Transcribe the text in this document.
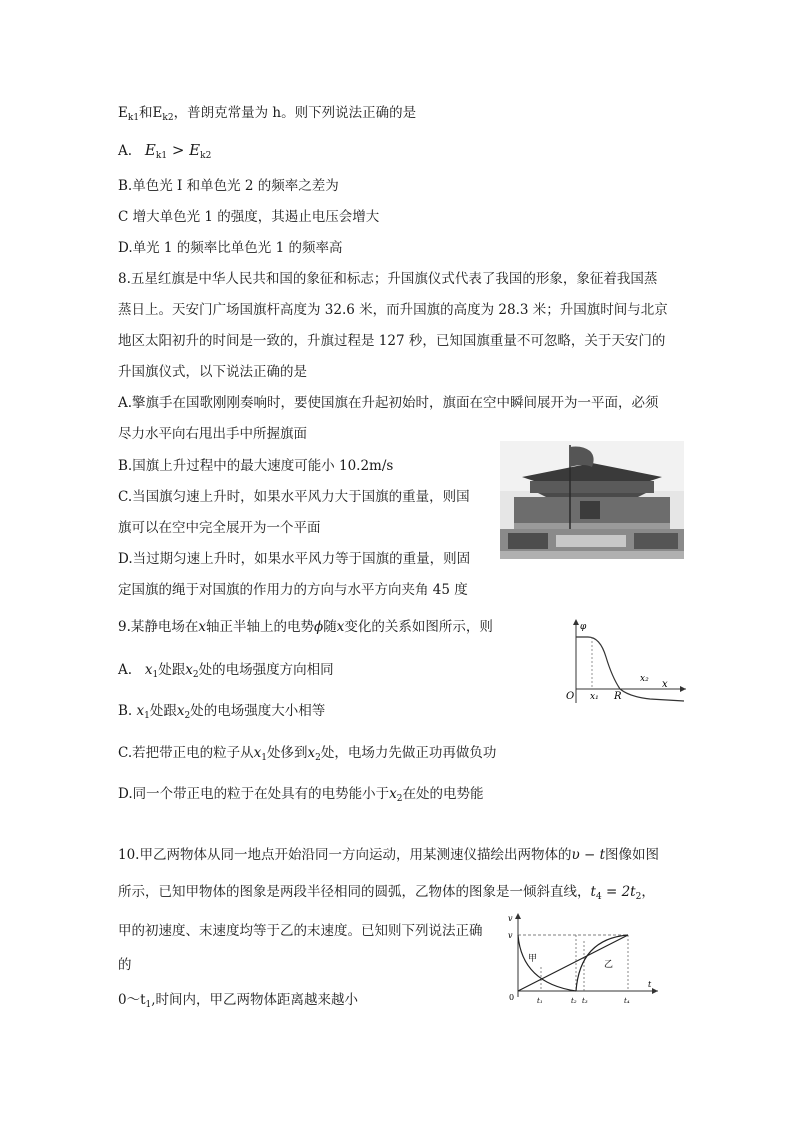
$E_{k1}$和$E_{k2}$，普朗克常量为 h。则下列说法正确的是
A. $E_{k1} > E_{k2}$
B.单色光 I 和单色光 2 的频率之差为
C 增大单色光 1 的强度，其遏止电压会增大
D.单光 1 的频率比单色光 1 的频率高
8.五星红旗是中华人民共和国的象征和标志；升国旗仪式代表了我国的形象，象征着我国蒸
蒸日上。天安门广场国旗杆高度为 32.6 米，而升国旗的高度为 28.3 米；升国旗时间与北京
地区太阳初升的时间是一致的，升旗过程是 127 秒，已知国旗重量不可忽略，关于天安门的
升国旗仪式，以下说法正确的是
A.擎旗手在国歌刚刚奏响时，要使国旗在升起初始时，旗面在空中瞬间展开为一平面，必须
尽力水平向右甩出手中所握旗面
B.国旗上升过程中的最大速度可能小 10.2m/s
C.当国旗匀速上升时，如果水平风力大于国旗的重量，则国
旗可以在空中完全展开为一个平面
D.当过期匀速上升时，如果水平风力等于国旗的重量，则固
定国旗的绳于对国旗的作用力的方向与水平方向夹角 45 度
9.某静电场在x轴正半轴上的电势ϕ随x变化的关系如图所示，则
A. $x_1$处跟$x_2$处的电场强度方向相同
B. $x_1$处跟$x_2$处的电场强度大小相等
C.若把带正电的粒子从$x_1$处侈到$x_2$处，电场力先做正功再做负功
D.同一个带正电的粒于在处具有的电势能小于$x_2$在处的电势能
φ
O x₁ R
x₂ x
10.甲乙两物体从同一地点开始沿同一方向运动，用某测速仪描绘出两物体的υ − t图像如图
所示，已知甲物体的图象是两段半径相同的圆弧，乙物体的图象是一倾斜直线，$t_4 = 2t_2$，
甲的初速度、末速度均等于乙的末速度。已知则下列说法正确
的
$0\sim t_1$,时间内，甲乙两物体距离越来越小
v
v
甲
乙
0
t
t₁	t₂ t₃	t₄
